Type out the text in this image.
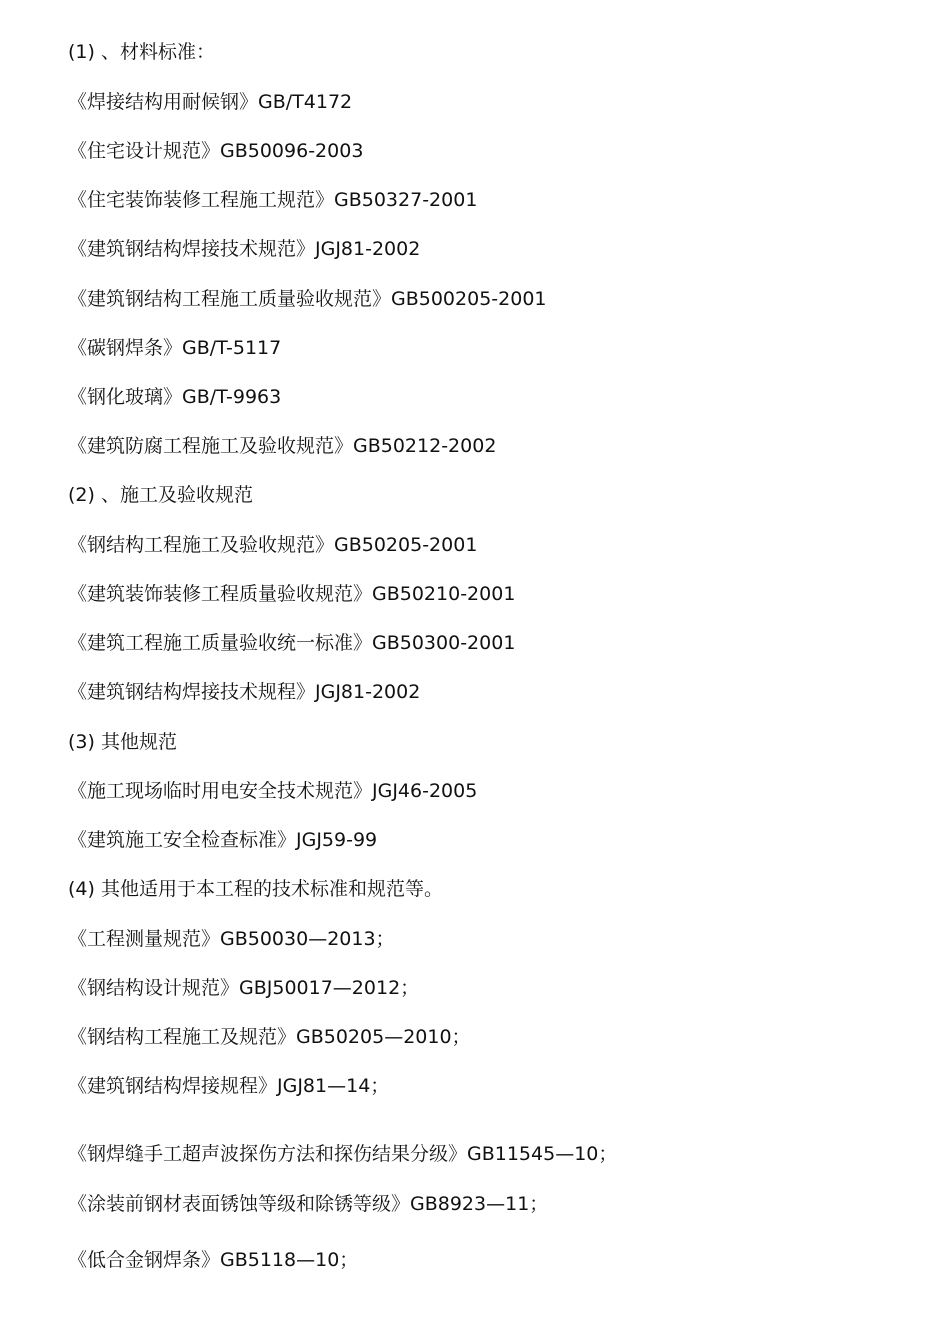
(1) 、材料标准：
《焊接结构用耐候钢》GB/T4172
《住宅设计规范》GB50096-2003
《住宅装饰装修工程施工规范》GB50327-2001
《建筑钢结构焊接技术规范》JGJ81-2002
《建筑钢结构工程施工质量验收规范》GB500205-2001
《碳钢焊条》GB/T-5117
《钢化玻璃》GB/T-9963
《建筑防腐工程施工及验收规范》GB50212-2002
(2) 、施工及验收规范
《钢结构工程施工及验收规范》GB50205-2001
《建筑装饰装修工程质量验收规范》GB50210-2001
《建筑工程施工质量验收统一标准》GB50300-2001
《建筑钢结构焊接技术规程》JGJ81-2002
(3) 其他规范
《施工现场临时用电安全技术规范》JGJ46-2005
《建筑施工安全检查标准》JGJ59-99
(4) 其他适用于本工程的技术标准和规范等。
《工程测量规范》GB50030—2013；
《钢结构设计规范》GBJ50017—2012；
《钢结构工程施工及规范》GB50205—2010；
《建筑钢结构焊接规程》JGJ81—14；
《钢焊缝手工超声波探伤方法和探伤结果分级》GB11545—10；
《涂装前钢材表面锈蚀等级和除锈等级》GB8923—11；
《低合金钢焊条》GB5118—10；
